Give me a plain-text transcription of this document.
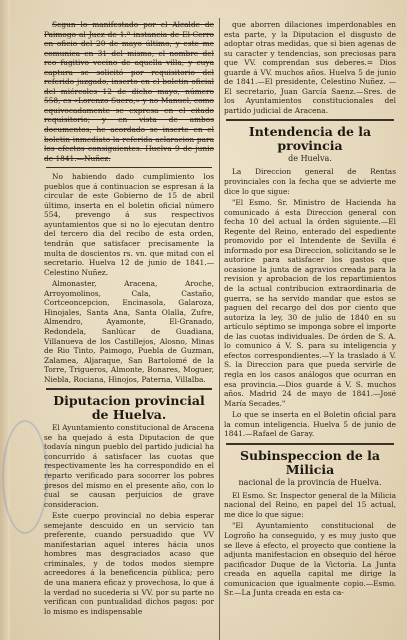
Segun lo manifestado por el Alcalde de Paimogo al Juez de 1.ª instancia de El-Cerro en oficio del 20 de mayo último, y este me comunica en 31 del mismo, el nombre del reo fugitivo vecino de aquella villa, y cuya captura se solicitó por requisitorio del referido juzgado, inserto en el boletin oficial del miércoles 12 de dicho mayo, número 558, es «Lorenzo Suero,» y no Manuel, como equivocadamente se expresa en el citado requisitorio; y en vista de ambos documentos, he acordado se inserte en el boletin inmediato la referida aclaracion para los efectos consiguientes. Huelva 9 de junio de 1841.—Nuñez.

No habiendo dado cumplimiento los pueblos que á continuacion se espresan á la circular de este Gobierno de 15 de abril último, inserta en el boletin oficial número 554, prevengo á sus respectivos ayuntamientos que si no lo ejecutan dentro del tercero dia del recibo de esta orden, tendrán que satisfacer precisamente la multa de doscientos rs. vn. que mitad con el secretario. Huelva 12 de junio de 1841.—Celestino Nuñez.

Almonaster, Aracena, Aroche, Arroyomolinos, Cala, Castaño, Cortceoncepcion, Encinasola, Galaroza, Hinojales, Santa Ana, Santa Olalla, Zufre, Almendro, Ayamonte, El-Granado, Redondela, Sanlúcar de Guadiana, Villanueva de los Castillejos, Alosno, Minas de Rio Tinto, Paimogo, Puebla de Guzman, Zalamea, Aljaraque, San Bartolomé de la Torre, Trigueros, Almonte, Bonares, Moguer, Niebla, Rociana, Hinojos, Paterna, Villalba.

Diputacion provincial de Huelva.

El Ayuntamiento constitucional de Aracena se ha quejado á esta Diputacion de que todavía ningun pueblo del partido judicial ha concurrido á satisfacer las cuotas que respectivamente les ha correspondido en el reparto verificado para socorrer los pobres presos del mismo en el presente año, con lo cual se causan perjuicios de grave consideracion.

Este cuerpo provincial no debia esperar semejante descuido en un servicio tan preferente, cuando persuadido que VV manifestarian aquel interes hácia unos hombres mas desgraciados acaso que criminales, y de todos modos siempre acreedores á la beneficencia pública; pero de una manera eficaz y provechosa, lo que á la verdad no sucederia si VV. por su parte no verifican con puntualidad dichos pagos: por lo mismo es indispensable

que aborren dilaciones imperdonables en esta parte, y la Diputacion el disgusto de adoptar otras medidas, que si bien agenas de su caracter y tendencias, son preciosas para que VV. comprendan sus deberes.= Dios guarde á VV. muchos años. Huelva 5 de junio de 1841.—El presidente, Celestino Nuñez. —El secretario, Juan García Saenz.—Sres. de los Ayuntamientos constitucionales del partido judicial de Aracena.

Intendencia de la provincia
de Huelva.

La Direccion general de Rentas provinciales con la fecha que se advierte me dice lo que sigue:

"El Esmo. Sr. Ministro de Hacienda ha comunicado á esta Direccion general con fecha 10 del actual la órden siguiente.—El Regente del Reino, enterado del espediente promovido por el Intendente de Sevilla é informado por esa Direccion, solicitando se le autorice para satisfacer los gastos que ocasione la junta de agravios creada para la revision y aprobacion de los repartimientos de la actual contribucion extraordinaria de guerra, se ha servido mandar que estos se paguen del recargo del dos por ciento que autoriza la ley, 30 de julio de 1840 en su artículo séptimo se imponga sobre el importe de las cuotas individuales. De órden de S. A. lo comunico á V. S. para su inteligencia y efectos correspondientes.—Y la traslado á V. S. la Direccion para que pueda servirle de regla en los casos análogos que ocurran en esa provincia.—Dios guarde á V. S. muchos años. Madrid 24 de mayo de 1841.—José María Secades."

Lo que se inserta en el Boletin oficial para la comun inteligencia. Huelva 5 de junio de 1841.—Rafael de Garay.

Subinspeccion de la Milicia
nacional de la provincia de Huelva.

El Esmo. Sr. Inspector general de la Milicia nacional del Reino, en papel del 15 actual, me dice lo que sigue:

"El Ayuntamiento constitucional de Logroño ha conseguido, y es muy justo que se lleve á efecto, el proyecto que contiene la adjunta manifestacion en obsequio del héroe pacificador Duque de la Victoria. La Junta creada en aquella capital me dirige la comunicacion que igualmente copio.—Esmo. Sr.—La Junta creada en esta ca-
